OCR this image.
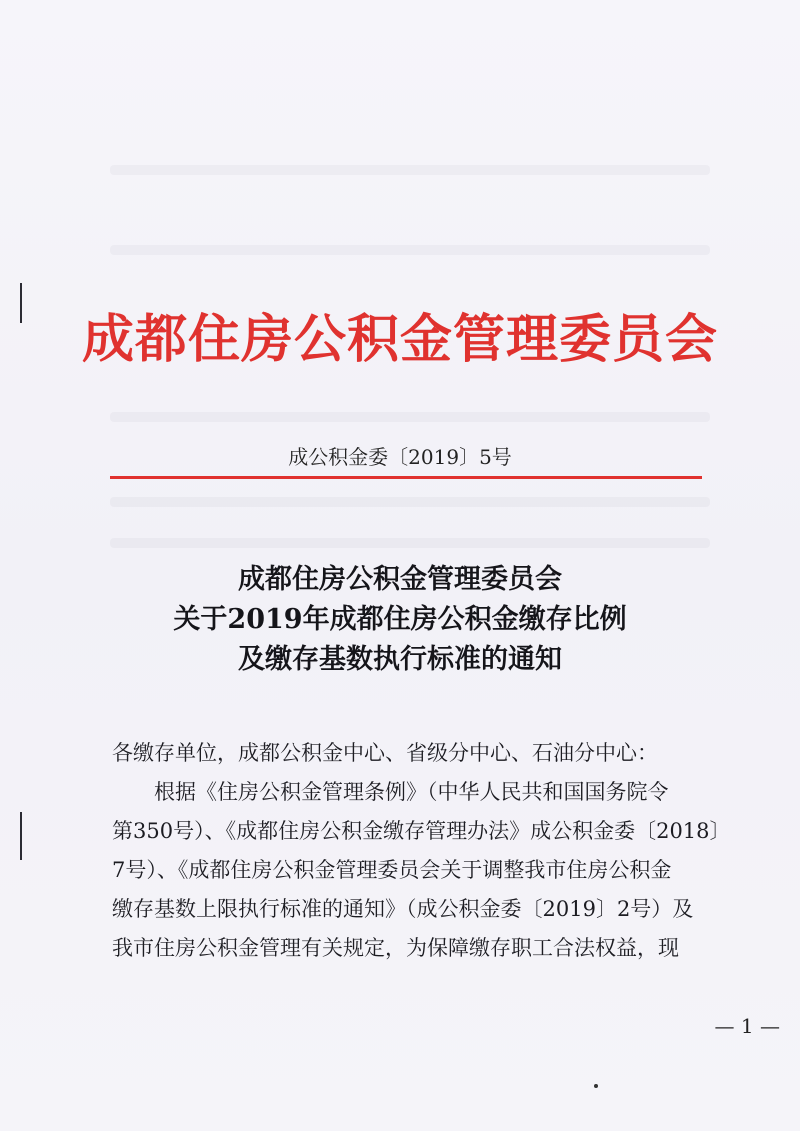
成都住房公积金管理委员会
成公积金委〔2019〕5号
成都住房公积金管理委员会
关于2019年成都住房公积金缴存比例
及缴存基数执行标准的通知
各缴存单位，成都公积金中心、省级分中心、石油分中心：
　　根据《住房公积金管理条例》（中华人民共和国国务院令
第350号）、《成都住房公积金缴存管理办法》成公积金委〔2018〕
7号）、《成都住房公积金管理委员会关于调整我市住房公积金
缴存基数上限执行标准的通知》（成公积金委〔2019〕2号）及
我市住房公积金管理有关规定，为保障缴存职工合法权益，现
— 1 —
